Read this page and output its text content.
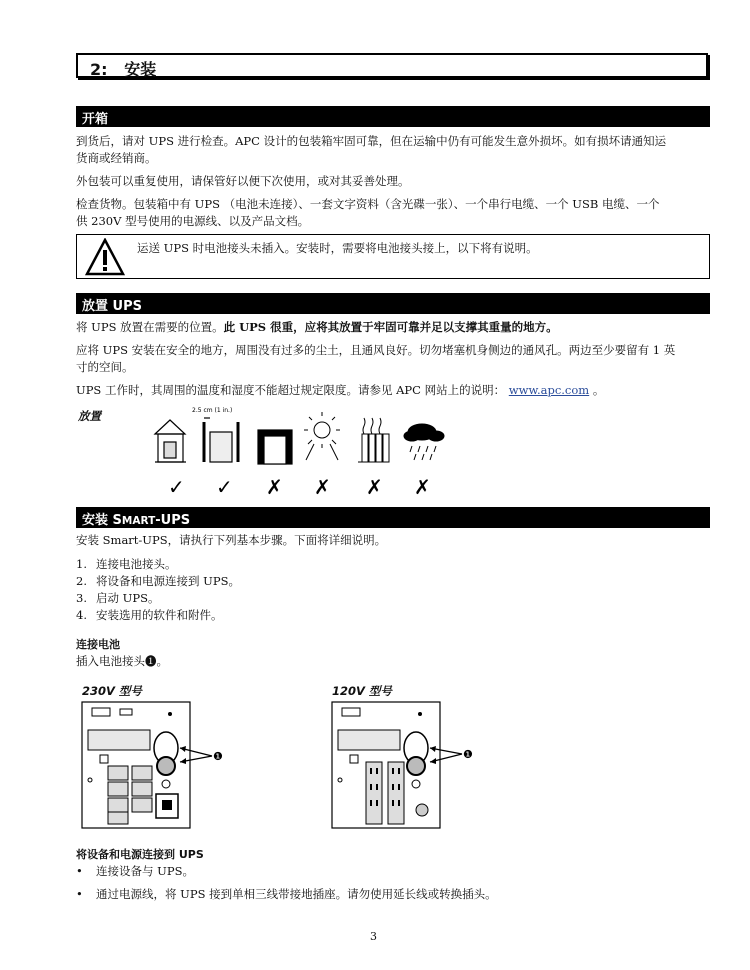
2:   安装
开箱
到货后，请对 UPS 进行检查。APC 设计的包装箱牢固可靠，但在运输中仍有可能发生意外损坏。如有损坏请通知运
货商或经销商。
外包装可以重复使用，请保管好以便下次使用，或对其妥善处理。
检查货物。包装箱中有 UPS （电池未连接）、一套文字资料（含光碟一张）、一个串行电缆、一个 USB 电缆、一个
供 230V 型号使用的电源线、以及产品文档。
运送 UPS 时电池接头未插入。安装时，需要将电池接头接上，以下将有说明。
放置 UPS
将 UPS 放置在需要的位置。此 UPS 很重，应将其放置于牢固可靠并足以支撑其重量的地方。
应将 UPS 安装在安全的地方，周围没有过多的尘土，且通风良好。切勿堵塞机身侧边的通风孔。两边至少要留有 1 英
寸的空间。
UPS 工作时，其周围的温度和湿度不能超过规定限度。请参见 APC 网站上的说明： www.apc.com 。
放置	2.5 cm (1 in.)
✓ ✓ ✗ ✗ ✗ ✗
安装 SMART-UPS
安装 Smart-UPS，请执行下列基本步骤。下面将详细说明。
1. 连接电池接头。
2. 将设备和电源连接到 UPS。
3. 启动 UPS。
4. 安装选用的软件和附件。
连接电池
插入电池接头❶。
230V 型号	120V 型号
❶	❶
将设备和电源连接到 UPS
• 连接设备与 UPS。
• 通过电源线，将 UPS 接到单相三线带接地插座。请勿使用延长线或转换插头。
3
